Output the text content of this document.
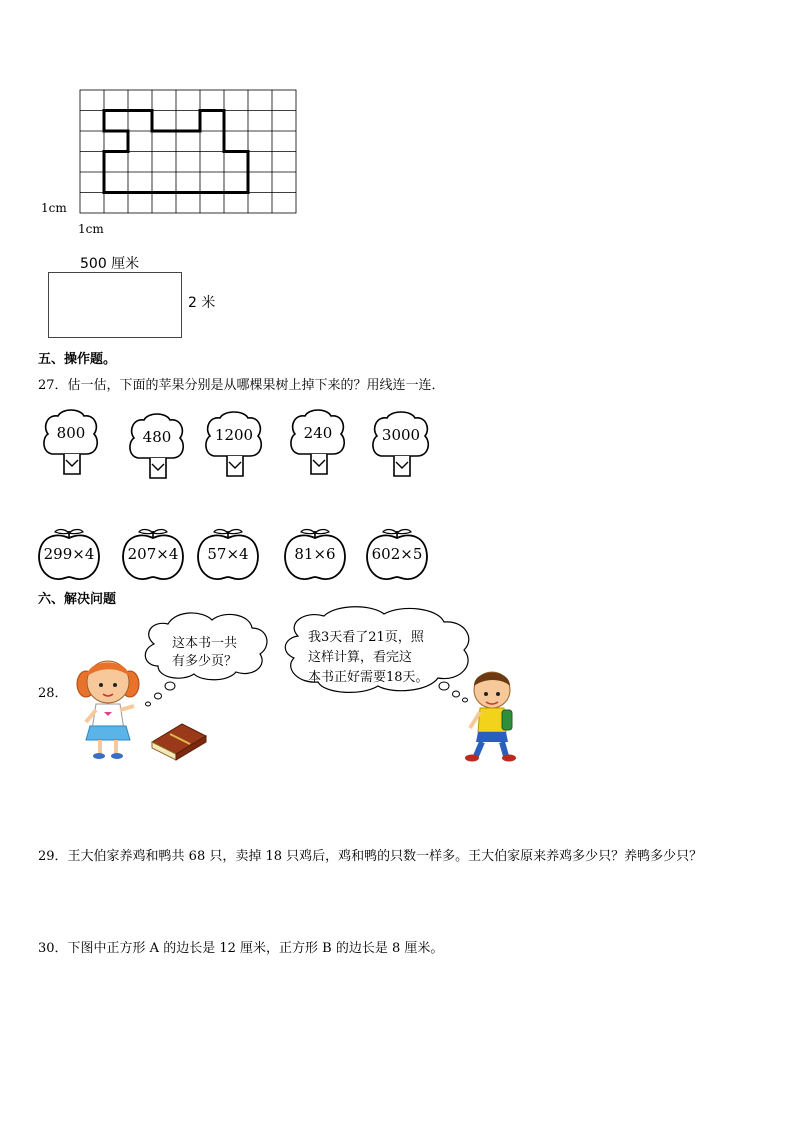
1cm
1cm
500 厘米
2 米
五、操作题。
27．估一估，下面的苹果分别是从哪棵果树上掉下来的？用线连一连．
800	480	1200	240	3000
299×4	207×4	57×4	81×6	602×5
六、解决问题
28．
这本书一共
有多少页？
我3天看了21页，照
这样计算，看完这
本书正好需要18天。
29．王大伯家养鸡和鸭共 68 只，卖掉 18 只鸡后，鸡和鸭的只数一样多。王大伯家原来养鸡多少只？养鸭多少只？
30．下图中正方形 A 的边长是 12 厘米，正方形 B 的边长是 8 厘米。
